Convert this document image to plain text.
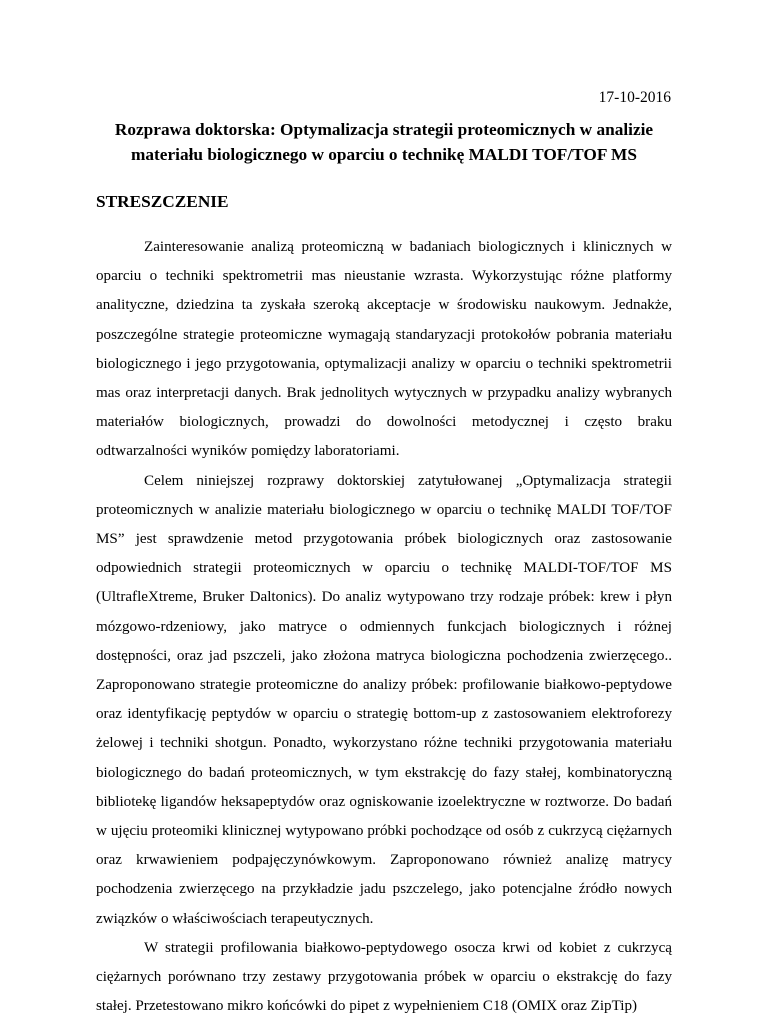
17-10-2016
Rozprawa doktorska: Optymalizacja strategii proteomicznych w analizie materiału biologicznego w oparciu o technikę MALDI TOF/TOF MS
STRESZCZENIE

Zainteresowanie analizą proteomiczną w badaniach biologicznych i klinicznych w oparciu o techniki spektrometrii mas nieustanie wzrasta. Wykorzystując różne platformy analityczne, dziedzina ta zyskała szeroką akceptacje w środowisku naukowym. Jednakże, poszczególne strategie proteomiczne wymagają standaryzacji protokołów pobrania materiału biologicznego i jego przygotowania, optymalizacji analizy w oparciu o techniki spektrometrii mas oraz interpretacji danych. Brak jednolitych wytycznych w przypadku analizy wybranych materiałów biologicznych, prowadzi do dowolności metodycznej i często braku odtwarzalności wyników pomiędzy laboratoriami.

Celem niniejszej rozprawy doktorskiej zatytułowanej „Optymalizacja strategii proteomicznych w analizie materiału biologicznego w oparciu o technikę MALDI TOF/TOF MS” jest sprawdzenie metod przygotowania próbek biologicznych oraz zastosowanie odpowiednich strategii proteomicznych w oparciu o technikę MALDI-TOF/TOF MS (UltrafleXtreme, Bruker Daltonics). Do analiz wytypowano trzy rodzaje próbek: krew i płyn mózgowo-rdzeniowy, jako matryce o odmiennych funkcjach biologicznych i różnej dostępności, oraz jad pszczeli, jako złożona matryca biologiczna pochodzenia zwierzęcego.. Zaproponowano strategie proteomiczne do analizy próbek: profilowanie białkowo-peptydowe oraz identyfikację peptydów w oparciu o strategię bottom-up z zastosowaniem elektroforezy żelowej i techniki shotgun. Ponadto, wykorzystano różne techniki przygotowania materiału biologicznego do badań proteomicznych, w tym ekstrakcję do fazy stałej, kombinatoryczną bibliotekę ligandów heksapeptydów oraz ogniskowanie izoelektryczne w roztworze. Do badań w ujęciu proteomiki klinicznej wytypowano próbki pochodzące od osób z cukrzycą ciężarnych oraz krwawieniem podpajęczynówkowym. Zaproponowano również analizę matrycy pochodzenia zwierzęcego na przykładzie jadu pszczelego, jako potencjalne źródło nowych związków o właściwościach terapeutycznych.

W strategii profilowania białkowo-peptydowego osocza krwi od kobiet z cukrzycą ciężarnych porównano trzy zestawy przygotowania próbek w oparciu o ekstrakcję do fazy stałej. Przetestowano mikro końcówki do pipet z wypełnieniem C18 (OMIX oraz ZipTip)
